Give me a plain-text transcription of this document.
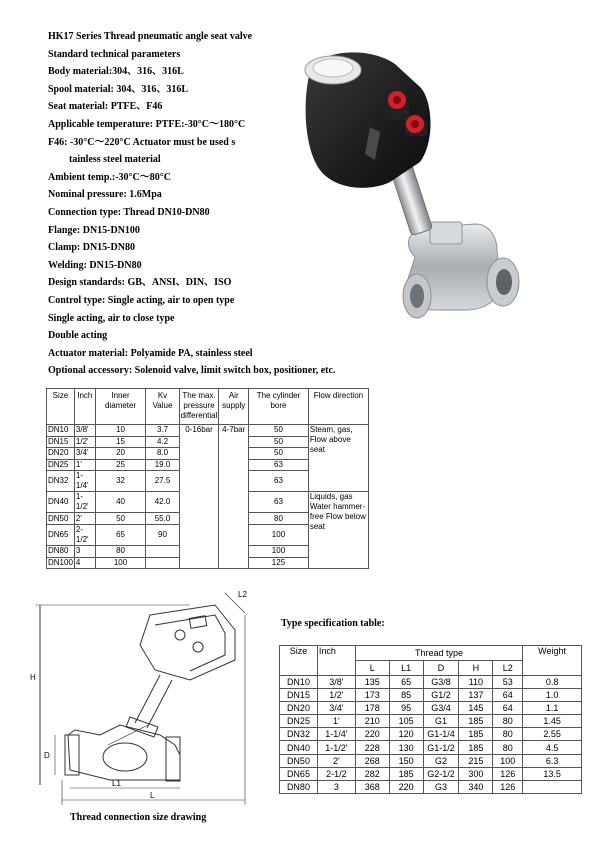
HK17 Series Thread pneumatic angle seat valve
Standard technical parameters
Body material:304、316、316L
Spool material: 304、316、316L
Seat material: PTFE、F46
Applicable temperature: PTFE:-30°C～180°C
F46: -30°C～220°C Actuator must be used s
tainless steel material
Ambient temp.:-30°C～80°C
Nominal pressure: 1.6Mpa
Connection type: Thread DN10-DN80
Flange: DN15-DN100
Clamp: DN15-DN80
Welding: DN15-DN80
Design standards: GB、ANSI、DIN、ISO
Control type: Single acting, air to open type
Single acting, air to close type
Double acting
Actuator material: Polyamide PA, stainless steel
Optional accessory: Solenoid valve, limit switch box, positioner, etc.
Size	Inch	Inner diameter	Kv Value	The max. pressure differential	Air supply	The cylinder bore	Flow direction
DN10	3/8'	10	3.7	0-16bar	4-7bar	50	Steam, gas, Flow above seat
DN15	1/2'	15	4.2			50	
DN20	3/4'	20	8.0			50	
DN25	1'	25	19.0			63	
DN32	1-1/4'	32	27.5			63	
DN40	1-1/2'	40	42.0			63	Liquids, gas Water hammer-free Flow below seat
DN50	2'	50	55.0			80	
DN65	2-1/2'	65	90			100	
DN80	3	80				100	
DN100	4	100				125	
H
L2
D
L1
L
Thread connection size drawing
Type specification table:
Size	Inch	Thread type					Weight
		L	L1	D	H	L2	
DN10	3/8'	135	65	G3/8	110	53	0.8
DN15	1/2'	173	85	G1/2	137	64	1.0
DN20	3/4'	178	95	G3/4	145	64	1.1
DN25	1'	210	105	G1	185	80	1.45
DN32	1-1/4'	220	120	G1-1/4	185	80	2.55
DN40	1-1/2'	228	130	G1-1/2	185	80	4.5
DN50	2'	268	150	G2	215	100	6.3
DN65	2-1/2	282	185	G2-1/2	300	126	13.5
DN80	3	368	220	G3	340	126	
